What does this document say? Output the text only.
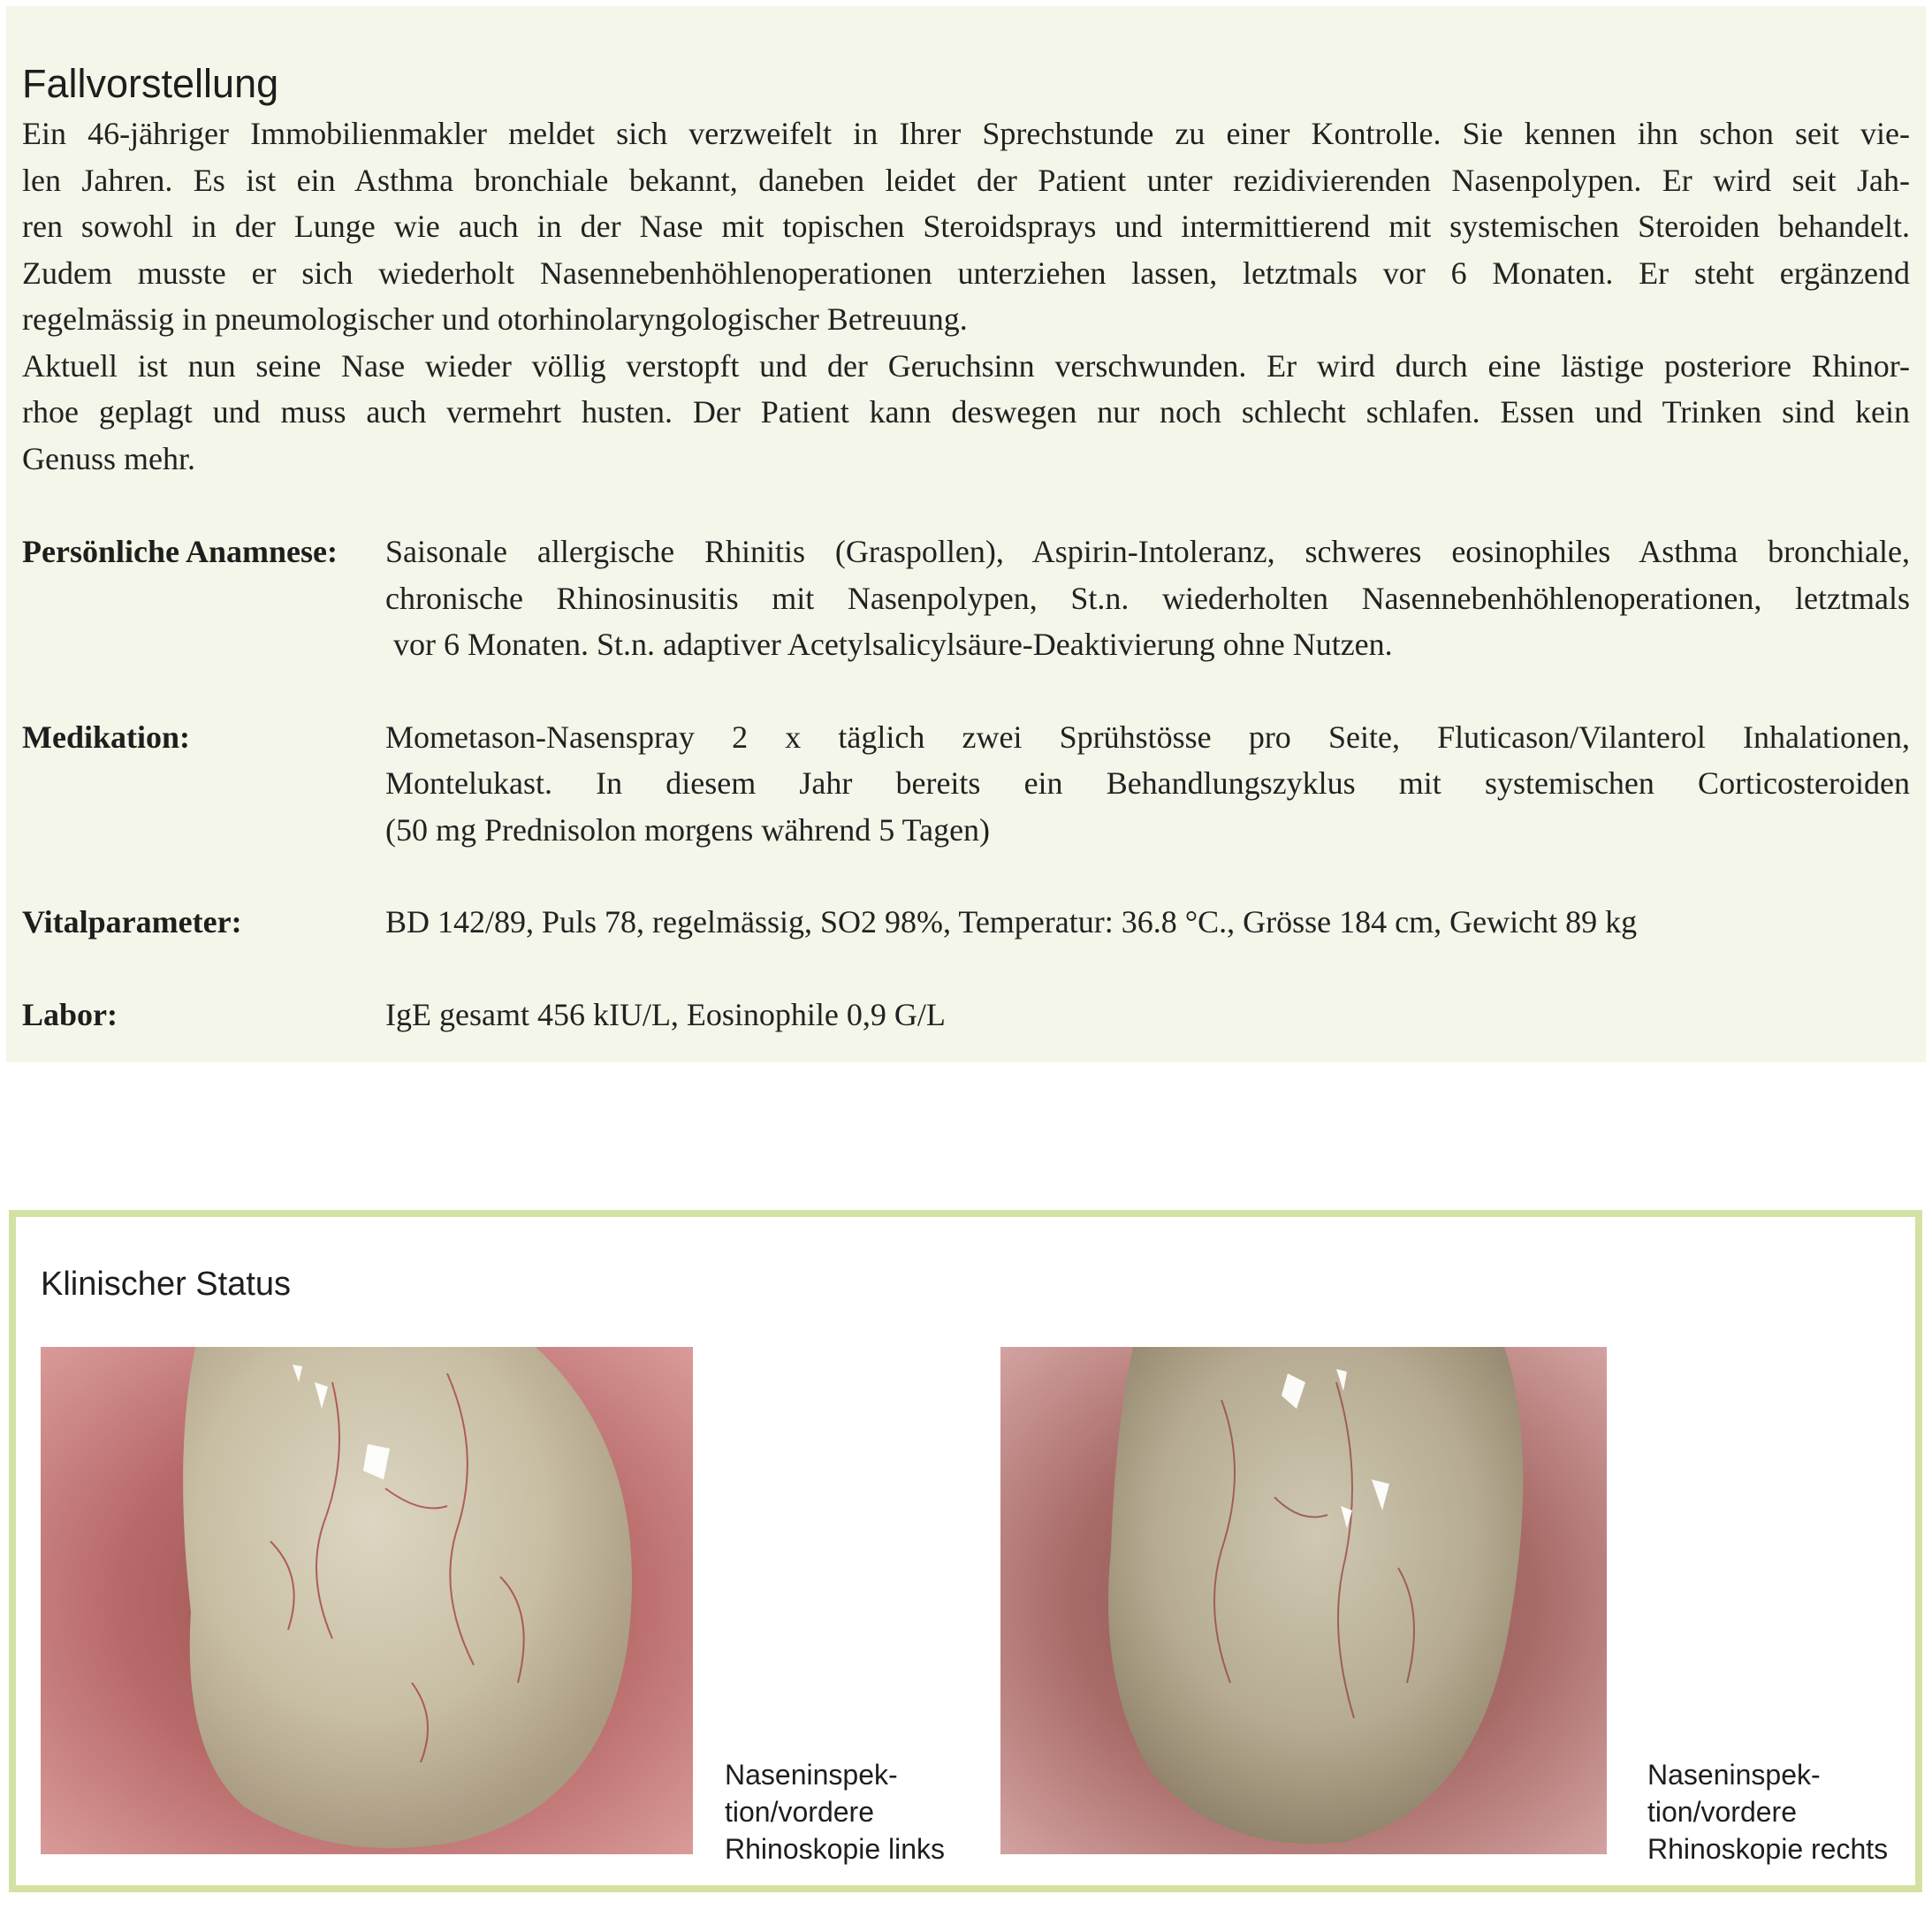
Fallvorstellung

Ein 46-jähriger Immobilienmakler meldet sich verzweifelt in Ihrer Sprechstunde zu einer Kontrolle. Sie kennen ihn schon seit vie-

len Jahren. Es ist ein Asthma bronchiale bekannt, daneben leidet der Patient unter rezidivierenden Nasenpolypen. Er wird seit Jah-

ren sowohl in der Lunge wie auch in der Nase mit topischen Steroidsprays und intermittierend mit systemischen Steroiden behandelt.

Zudem musste er sich wiederholt Nasennebenhöhlenoperationen unterziehen lassen, letztmals vor 6 Monaten. Er steht ergänzend

regelmässig in pneumologischer und otorhinolaryngologischer Betreuung.

Aktuell ist nun seine Nase wieder völlig verstopft und der Geruchsinn verschwunden. Er wird durch eine lästige posteriore Rhinor-

rhoe geplagt und muss auch vermehrt husten. Der Patient kann deswegen nur noch schlecht schlafen. Essen und Trinken sind kein

Genuss mehr.

Persönliche Anamnese:	Saisonale allergische Rhinitis (Graspollen), Aspirin-Intoleranz, schweres eosinophiles Asthma bronchiale,
chronische Rhinosinusitis mit Nasenpolypen, St.n. wiederholten Nasennebenhöhlenoperationen, letztmals
vor 6 Monaten. St.n. adaptiver Acetylsalicylsäure-Deaktivierung ohne Nutzen.
Medikation:	Mometason-Nasenspray 2 x täglich zwei Sprühstösse pro Seite, Fluticason/Vilanterol Inhalationen,
Montelukast. In diesem Jahr bereits ein Behandlungszyklus mit systemischen Corticosteroiden
(50 mg Prednisolon morgens während 5 Tagen)
Vitalparameter:	BD 142/89, Puls 78, regelmässig, SO2 98%, Temperatur: 36.8 °C., Grösse 184 cm, Gewicht 89 kg
Labor:	IgE gesamt 456 kIU/L, Eosinophile 0,9 G/L
Klinischer Status

Naseninspek-
tion/vordere
Rhinoskopie links

Naseninspek-
tion/vordere
Rhinoskopie rechts
